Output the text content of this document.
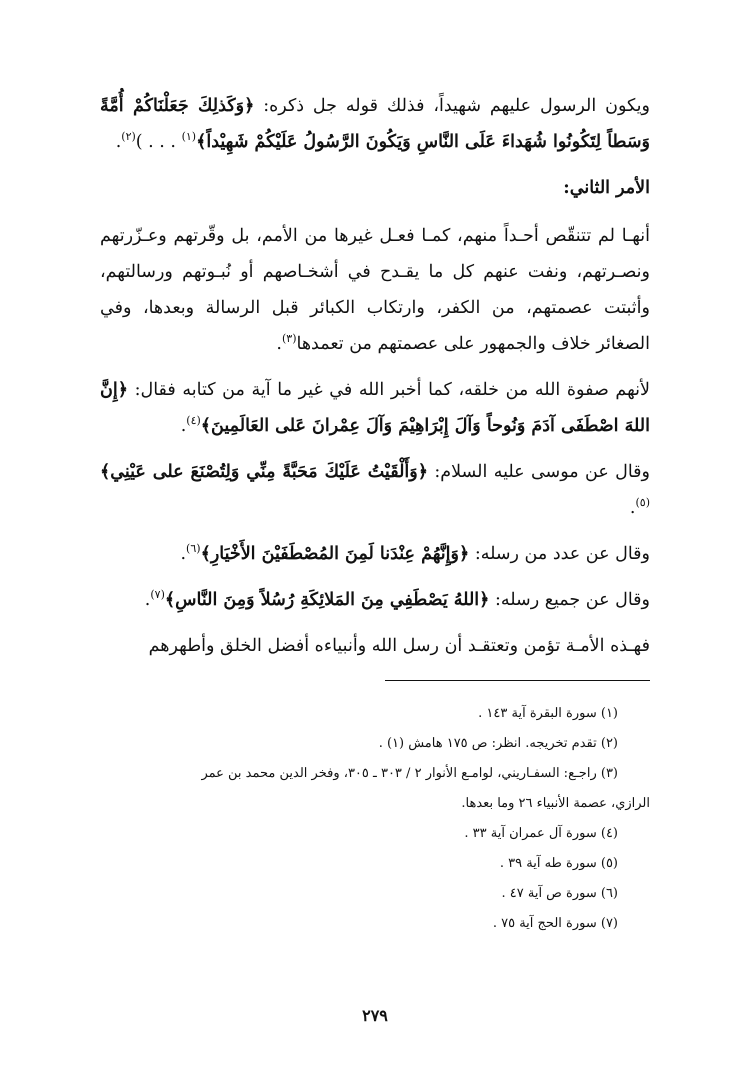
ويكون الرسول عليهم شهيداً، فذلك قوله جل ذكره: ﴿وَكَذلِكَ جَعَلْنَاكُمْ أُمَّةً وَسَطاً لِتَكُونُوا شُهَداءَ عَلَى النَّاسِ وَيَكُونَ الرَّسُولُ عَلَيْكُمْ شَهِيْداً﴾$^{(١)}$ . . . )$^{(٢)}$.

الأمر الثاني:

أنهـا لم تتنقّص أحـداً منهم، كمـا فعـل غيرها من الأمم، بل وقّرتهم وعـزّرتهم ونصـرتهم، ونفت عنهم كل ما يقـدح في أشخـاصهم أو نُبـوتهم ورسالتهم، وأثبتت عصمتهم، من الكفر، وارتكاب الكبائر قبل الرسالة وبعدها، وفي الصغائر خلاف والجمهور على عصمتهم من تعمدها$^{(٣)}$.

لأنهم صفوة الله من خلقه، كما أخبر الله في غير ما آية من كتابه فقال: ﴿إِنَّ اللهَ اصْطَفَى آدَمَ وَنُوحاً وَآلَ إِبْرَاهِيْمَ وَآلَ عِمْرانَ عَلى العَالَمِينَ﴾$^{(٤)}$.

وقال عن موسى عليه السلام: ﴿وَأَلْقَيْتُ عَلَيْكَ مَحَبَّةً مِنِّي وَلِتُصْنَعَ على عَيْنِي﴾$^{(٥)}$.

وقال عن عدد من رسله: ﴿وَإِنَّهُمْ عِنْدَنا لَمِنَ المُصْطَفَيْنَ الأَخْيَارِ﴾$^{(٦)}$.

وقال عن جميع رسله: ﴿اللهُ يَصْطَفِي مِنَ المَلائِكَةِ رُسُلاً وَمِنَ النَّاسِ﴾$^{(٧)}$.

فهـذه الأمـة تؤمن وتعتقـد أن رسل الله وأنبياءه أفضل الخلق وأطهرهم

(١) سورة البقرة آية ١٤٣ .

(٢) تقدم تخريجه. انظر: ص ١٧٥ هامش (١) .

(٣) راجـع: السفـاريني، لوامـع الأنوار ٢ / ٣٠٣ ـ ٣٠٥، وفخر الدين محمد بن عمر

الرازي، عصمة الأنبياء ٢٦ وما بعدها.

(٤) سورة آل عمران آية ٣٣ .

(٥) سورة طه آية ٣٩ .

(٦) سورة ص آية ٤٧ .

(٧) سورة الحج آية ٧٥ .

٢٧٩
